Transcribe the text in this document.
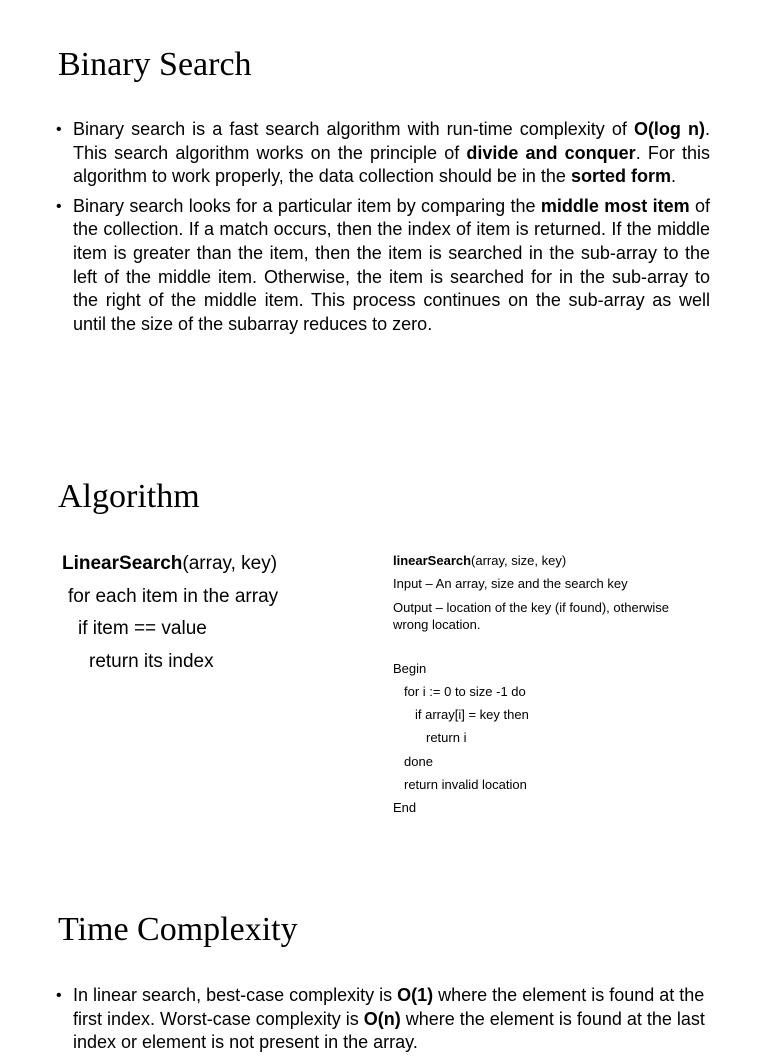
Binary Search
• Binary search is a fast search algorithm with run-time complexity of O(log n). This search algorithm works on the principle of divide and conquer. For this algorithm to work properly, the data collection should be in the sorted form.
• Binary search looks for a particular item by comparing the middle most item of the collection. If a match occurs, then the index of item is returned. If the middle item is greater than the item, then the item is searched in the sub-array to the left of the middle item. Otherwise, the item is searched for in the sub-array to the right of the middle item. This process continues on the sub-array as well until the size of the subarray reduces to zero.
Algorithm
LinearSearch(array, key)
for each item in the array
if item == value
return its index
linearSearch(array, size, key)
Input – An array, size and the search key
Output – location of the key (if found), otherwise wrong location.
Begin
for i := 0 to size -1 do
if array[i] = key then
return i
done
return invalid location
End
Time Complexity
• In linear search, best-case complexity is O(1) where the element is found at the first index. Worst-case complexity is O(n) where the element is found at the last index or element is not present in the array.
